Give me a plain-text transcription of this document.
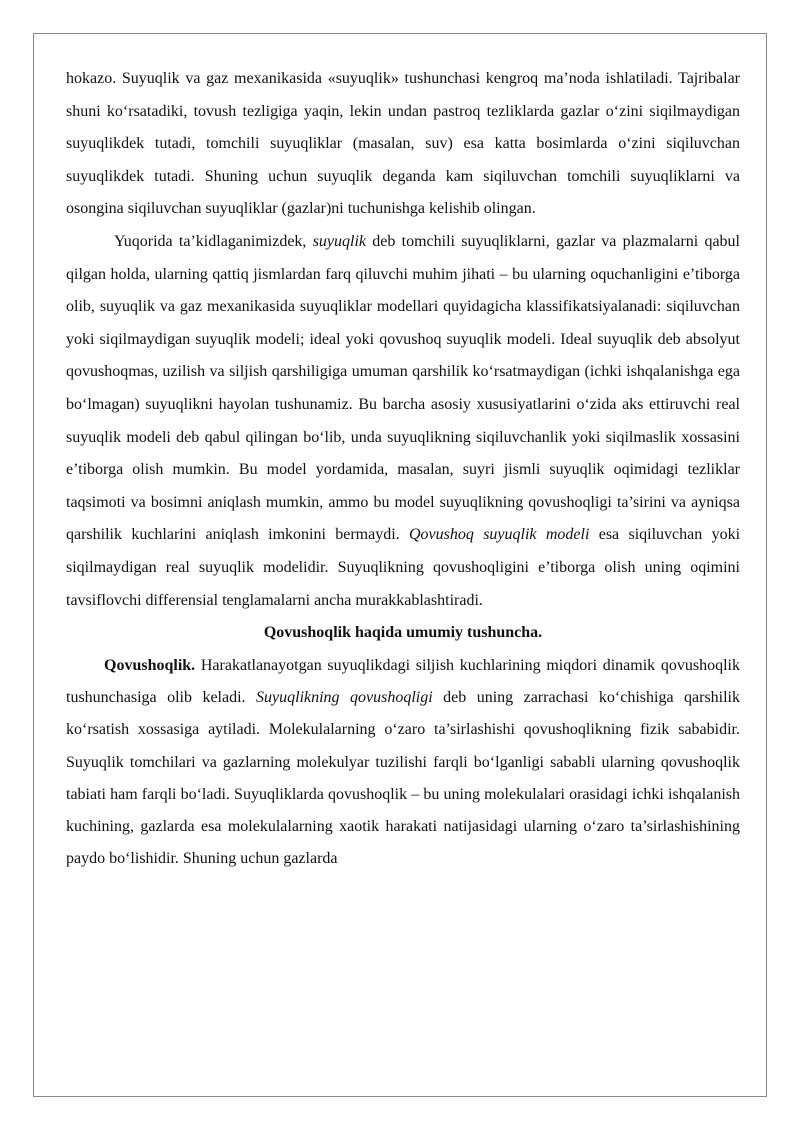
hokazo. Suyuqlik va gaz mexanikasida «suyuqlik» tushunchasi kengroq ma’noda ishlatiladi. Tajribalar shuni ko‘rsatadiki, tovush tezligiga yaqin, lekin undan pastroq tezliklarda gazlar o‘zini siqilmaydigan suyuqlikdek tutadi, tomchili suyuqliklar (masalan, suv) esa katta bosimlarda o‘zini siqiluvchan suyuqlikdek tutadi. Shuning uchun suyuqlik deganda kam siqiluvchan tomchili suyuqliklarni va osongina siqiluvchan suyuqliklar (gazlar)ni tuchunishga kelishib olingan.

Yuqorida ta’kidlaganimizdek, suyuqlik deb tomchili suyuqliklarni, gazlar va plazmalarni qabul qilgan holda, ularning qattiq jismlardan farq qiluvchi muhim jihati – bu ularning oquchanligini e’tiborga olib, suyuqlik va gaz mexanikasida suyuqliklar modellari quyidagicha klassifikatsiyalanadi: siqiluvchan yoki siqilmaydigan suyuqlik modeli; ideal yoki qovushoq suyuqlik modeli. Ideal suyuqlik deb absolyut qovushoqmas, uzilish va siljish qarshiligiga umuman qarshilik ko‘rsatmaydigan (ichki ishqalanishga ega bo‘lmagan) suyuqlikni hayolan tushunamiz. Bu barcha asosiy xususiyatlarini o‘zida aks ettiruvchi real suyuqlik modeli deb qabul qilingan bo‘lib, unda suyuqlikning siqiluvchanlik yoki siqilmaslik xossasini e’tiborga olish mumkin. Bu model yordamida, masalan, suyri jismli suyuqlik oqimidagi tezliklar taqsimoti va bosimni aniqlash mumkin, ammo bu model suyuqlikning qovushoqligi ta’sirini va ayniqsa qarshilik kuchlarini aniqlash imkonini bermaydi. Qovushoq suyuqlik modeli esa siqiluvchan yoki siqilmaydigan real suyuqlik modelidir. Suyuqlikning qovushoqligini e’tiborga olish uning oqimini tavsiflovchi differensial tenglamalarni ancha murakkablashtiradi.

Qovushoqlik haqida umumiy tushuncha.

Qovushoqlik. Harakatlanayotgan suyuqlikdagi siljish kuchlarining miqdori dinamik qovushoqlik tushunchasiga olib keladi. Suyuqlikning qovushoqligi deb uning zarrachasi ko‘chishiga qarshilik ko‘rsatish xossasiga aytiladi. Molekulalarning o‘zaro ta’sirlashishi qovushoqlikning fizik sababidir. Suyuqlik tomchilari va gazlarning molekulyar tuzilishi farqli bo‘lganligi sababli ularning qovushoqlik tabiati ham farqli bo‘ladi. Suyuqliklarda qovushoqlik – bu uning molekulalari orasidagi ichki ishqalanish kuchining, gazlarda esa molekulalarning xaotik harakati natijasidagi ularning o‘zaro ta’sirlashishining paydo bo‘lishidir. Shuning uchun gazlarda
